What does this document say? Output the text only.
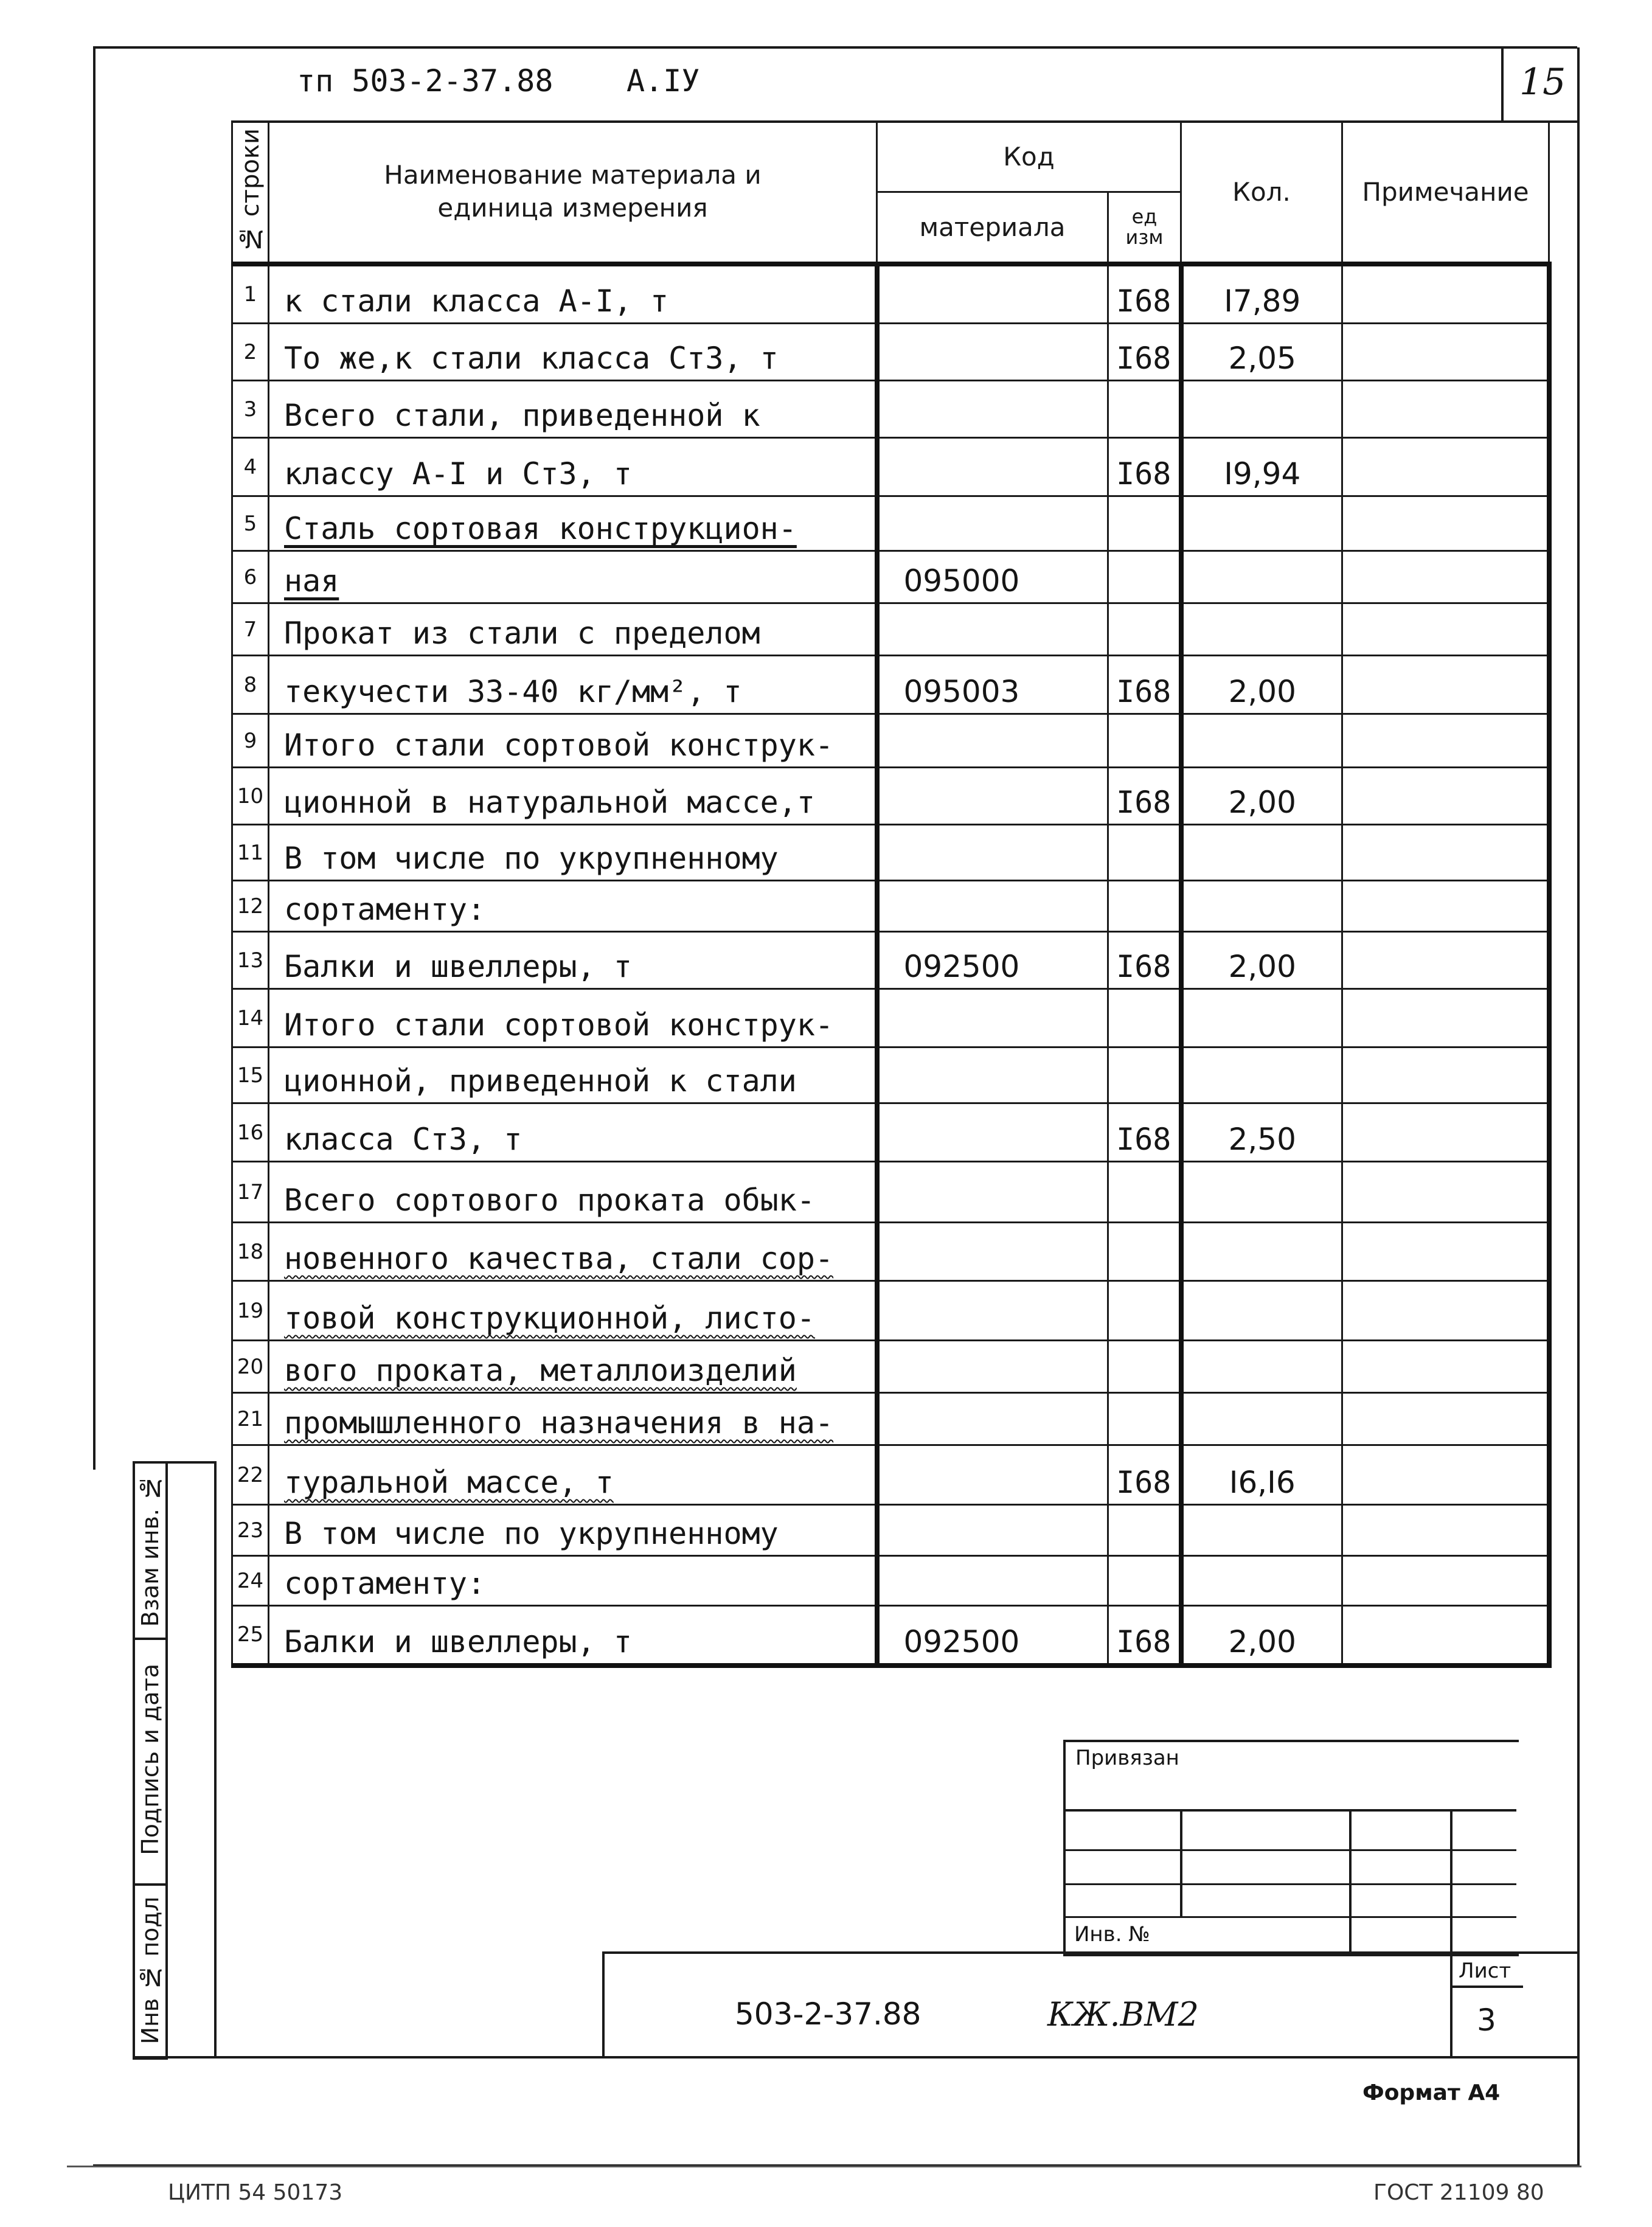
тп 503-2-37.88 А.IУ	15
№ строки	Наименование материала и
единица измерения	Код		Кол.	Примечание
		материала	ед
изм		

1	к стали класса А-I, т		I68	I7,89	
2	То же,к стали класса Ст3, т		I68	2,05	
3	Всего стали, приведенной к				
4	классу А-I и Ст3, т		I68	I9,94	
5	Сталь сортовая конструкцион-				
6	ная	095000			
7	Прокат из стали с пределом				
8	текучести 33-40 кг/мм², т	095003	I68	2,00	
9	Итого стали сортовой конструк-				
10	ционной в натуральной массе,т		I68	2,00	
11	В том числе по укрупненному				
12	сортаменту:				
13	Балки и швеллеры, т	092500	I68	2,00	
14	Итого стали сортовой конструк-				
15	ционной, приведенной к стали				
16	класса Ст3, т		I68	2,50	
17	Всего сортового проката обык-				
18	новенного качества, стали сор-				
19	товой конструкционной, листо-				
20	вого проката, металлоизделий				
21	промышленного назначения в на-				
22	туральной массе, т		I68	I6,I6	
23	В том числе по укрупненному				
24	сортаменту:				
25	Балки и швеллеры, т	092500	I68	2,00	
Взам инв. №
Подпись и дата
Инв № подл
Привязан
Инв. №
Лист
3
503-2-37.88	КЖ.ВМ2
Формат А4
ЦИТП 54 50173	ГОСТ 21109 80
